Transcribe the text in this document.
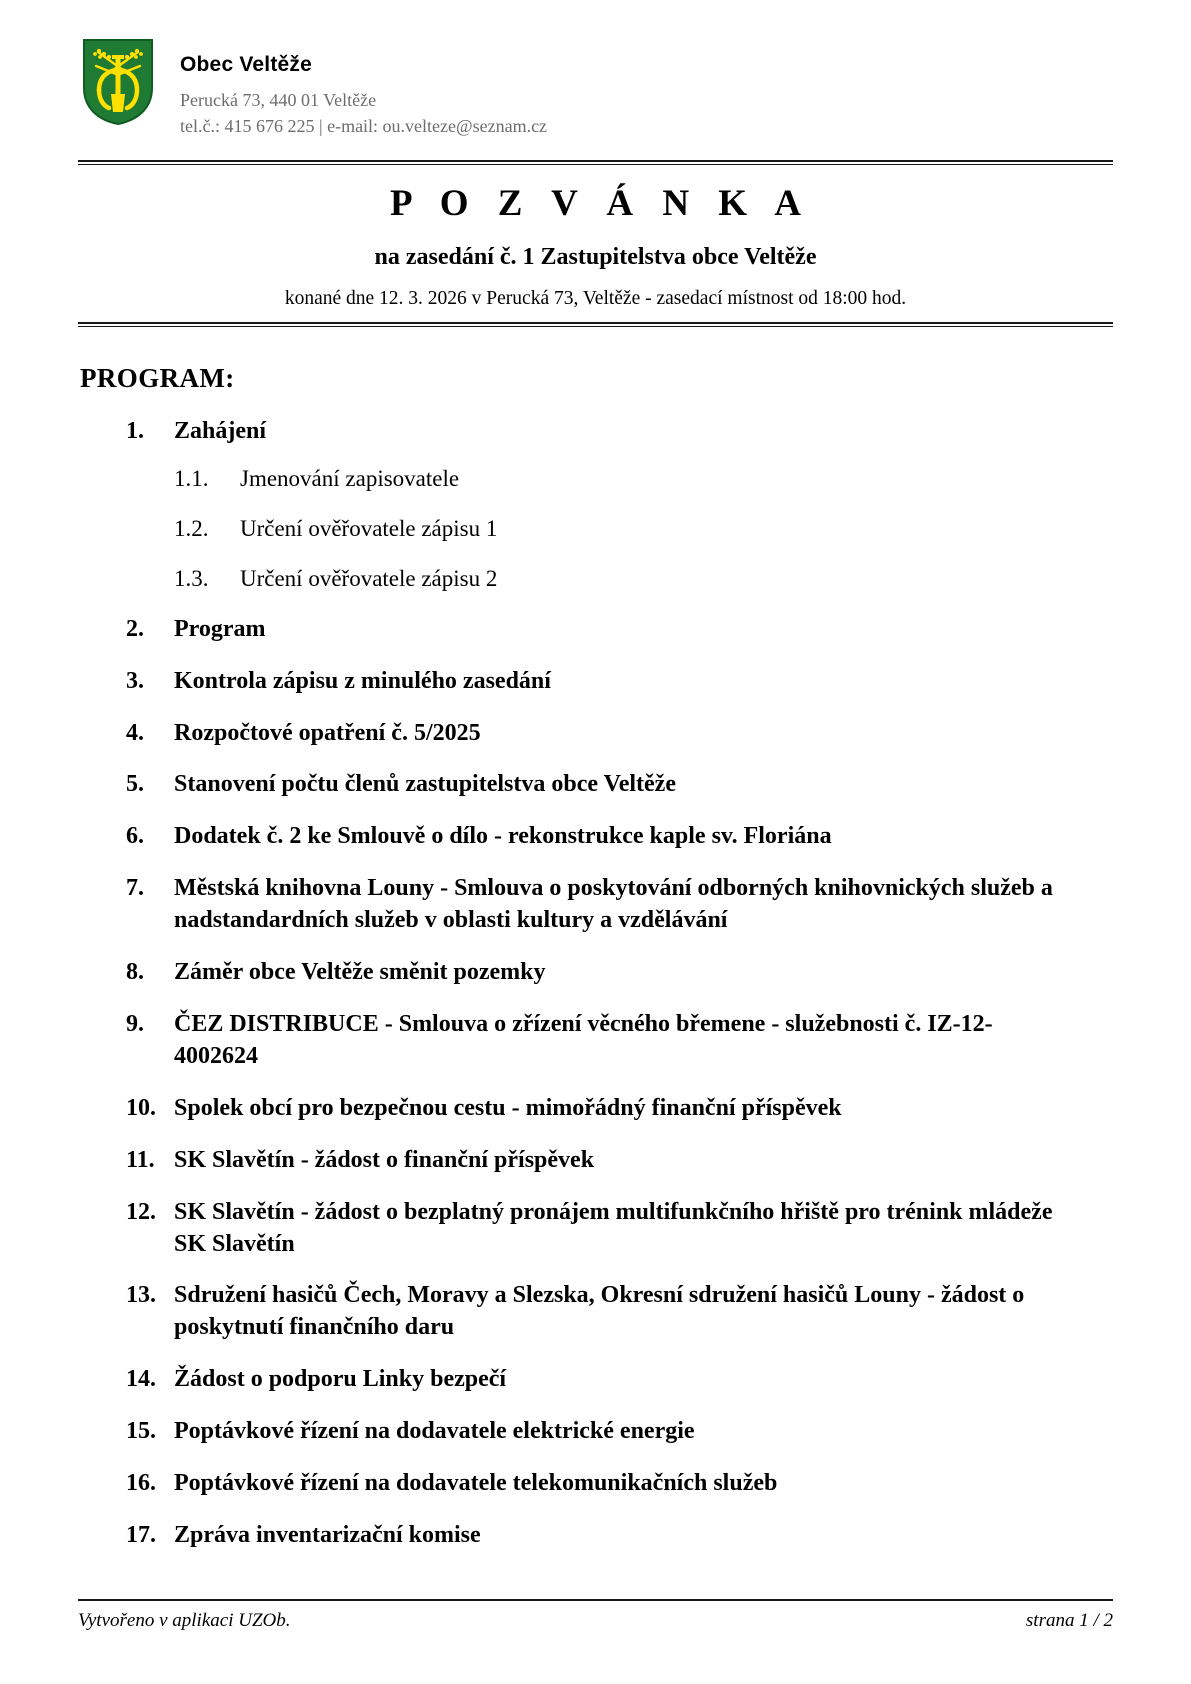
Obec Veltěže
Perucká 73, 440 01 Veltěže
tel.č.: 415 676 225 | e-mail: ou.velteze@seznam.cz
P O Z V Á N K A
na zasedání č. 1 Zastupitelstva obce Veltěže
konané dne 12. 3. 2026 v Perucká 73, Veltěže - zasedací místnost od 18:00 hod.
PROGRAM:
1.	Zahájení
1.1.	Jmenování zapisovatele
1.2.	Určení ověřovatele zápisu 1
1.3.	Určení ověřovatele zápisu 2
2.	Program
3.	Kontrola zápisu z minulého zasedání
4.	Rozpočtové opatření č. 5/2025
5.	Stanovení počtu členů zastupitelstva obce Veltěže
6.	Dodatek č. 2 ke Smlouvě o dílo - rekonstrukce kaple sv. Floriána
7.	Městská knihovna Louny - Smlouva o poskytování odborných knihovnických služeb a nadstandardních služeb v oblasti kultury a vzdělávání
8.	Záměr obce Veltěže směnit pozemky
9.	ČEZ DISTRIBUCE - Smlouva o zřízení věcného břemene - služebnosti č. IZ-12-4002624
10. Spolek obcí pro bezpečnou cestu - mimořádný finanční příspěvek
11. SK Slavětín - žádost o finanční příspěvek
12. SK Slavětín - žádost o bezplatný pronájem multifunkčního hřiště pro trénink mládeže SK Slavětín
13. Sdružení hasičů Čech, Moravy a Slezska, Okresní sdružení hasičů Louny - žádost o poskytnutí finančního daru
14. Žádost o podporu Linky bezpečí
15. Poptávkové řízení na dodavatele elektrické energie
16. Poptávkové řízení na dodavatele telekomunikačních služeb
17. Zpráva inventarizační komise
Vytvořeno v aplikaci UZOb.	strana 1 / 2
